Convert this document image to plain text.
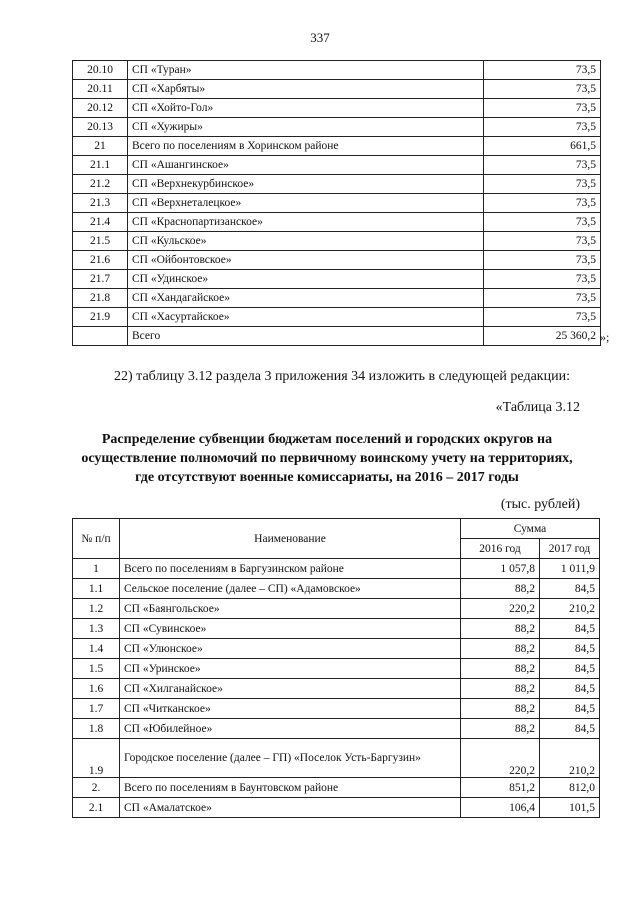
337
20.10	СП «Туран»	73,5
20.11	СП «Харбяты»	73,5
20.12	СП «Хойто-Гол»	73,5
20.13	СП «Хужиры»	73,5
21	Всего по поселениям в Хоринском районе	661,5
21.1	СП «Ашангинское»	73,5
21.2	СП «Верхнекурбинское»	73,5
21.3	СП «Верхнеталецкое»	73,5
21.4	СП «Краснопартизанское»	73,5
21.5	СП «Кульское»	73,5
21.6	СП «Ойбонтовское»	73,5
21.7	СП «Удинское»	73,5
21.8	СП «Хандагайское»	73,5
21.9	СП «Хасуртайское»	73,5
	Всего	25 360,2 »;
22) таблицу 3.12 раздела 3 приложения 34 изложить в следующей редакции:
«Таблица 3.12
Распределение субвенции бюджетам поселений и городских округов на осуществление полномочий по первичному воинскому учету на территориях, где отсутствуют военные комиссариаты, на 2016 – 2017 годы
(тыс. рублей)
№ п/п	Наименование	Сумма	
		2016 год	2017 год
1	Всего по поселениям в Баргузинском районе	1 057,8	1 011,9
1.1	Сельское поселение (далее – СП) «Адамовское»	88,2	84,5
1.2	СП «Баянгольское»	220,2	210,2
1.3	СП «Сувинское»	88,2	84,5
1.4	СП «Улюнское»	88,2	84,5
1.5	СП «Уринское»	88,2	84,5
1.6	СП «Хилганайское»	88,2	84,5
1.7	СП «Читканское»	88,2	84,5
1.8	СП «Юбилейное»	88,2	84,5
1.9	Городское поселение (далее – ГП) «Поселок Усть-Баргузин»	220,2	210,2
2.	Всего по поселениям в Баунтовском районе	851,2	812,0
2.1	СП «Амалатское»	106,4	101,5
